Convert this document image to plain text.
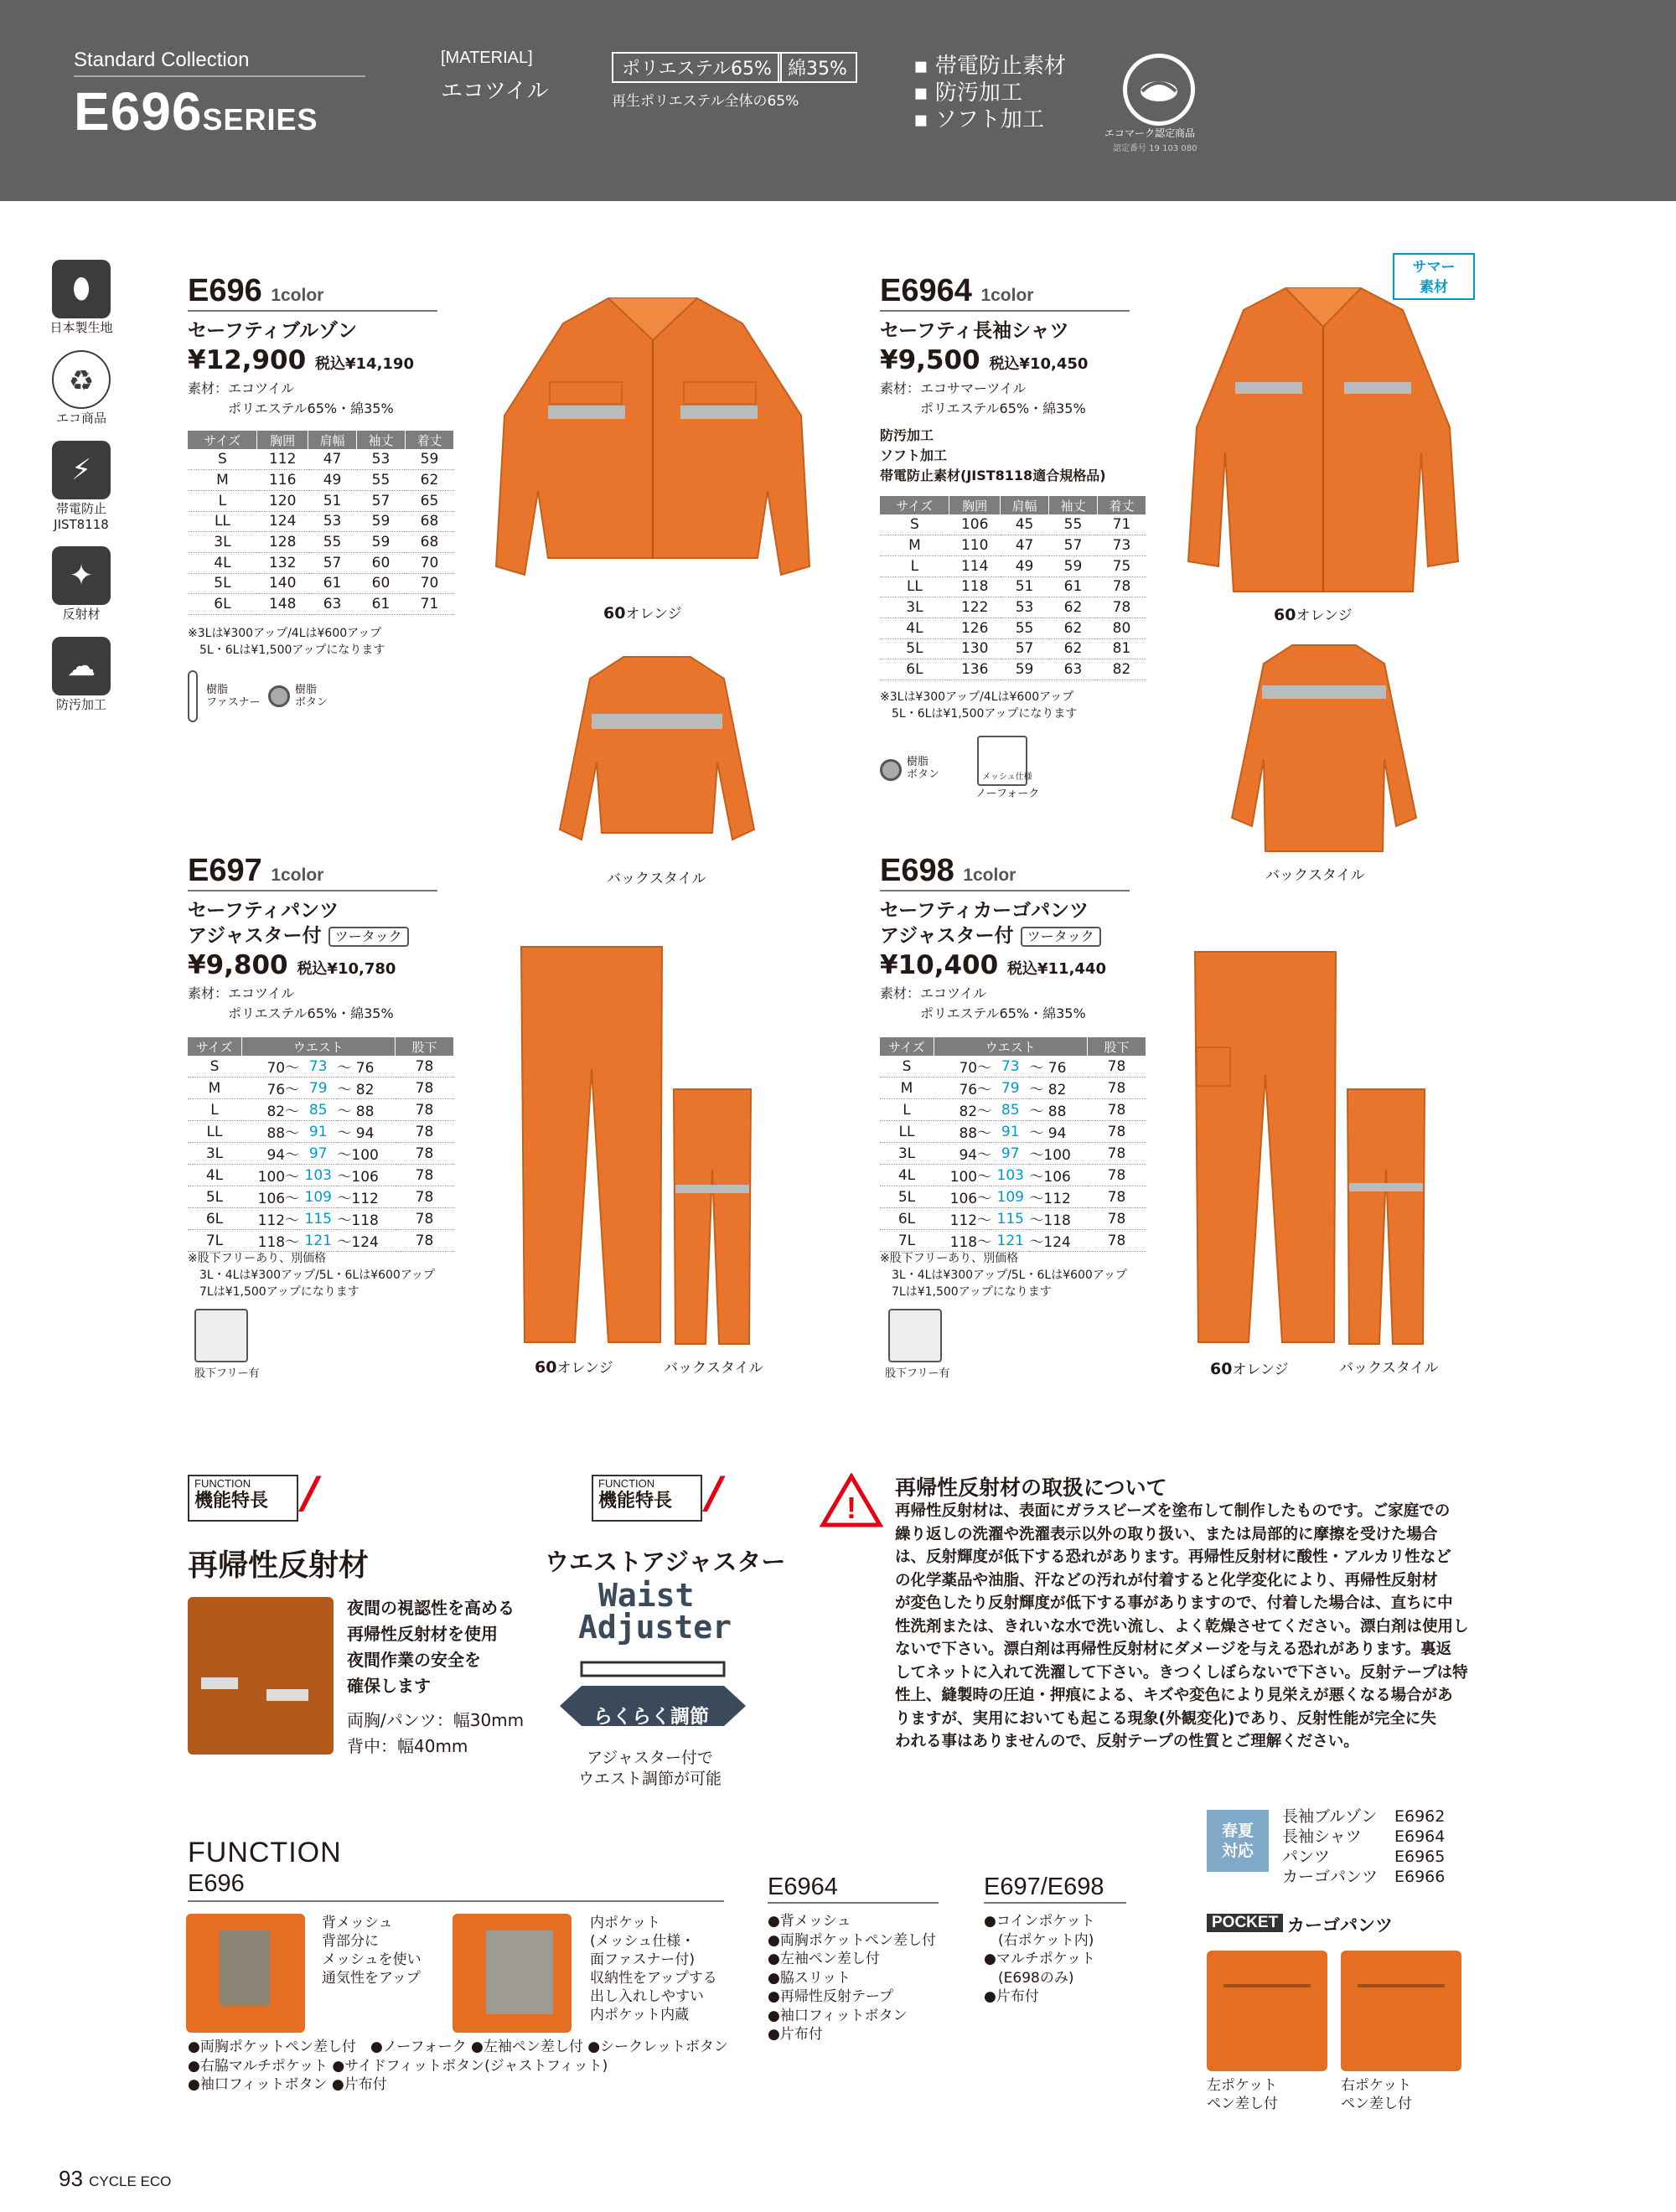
Standard Collection
E696SERIES
[MATERIAL]
エコツイル
ポリエステル65% 綿35%
再生ポリエステル全体の65%
▪ 帯電防止素材
▪ 防汚加工
▪ ソフト加工
エコマーク認定商品
認定番号 19 103 080
⬮
日本製生地
♻
エコ商品
⚡
帯電防止
JIST8118
✦
反射材
☁
防汚加工
E696 1color
セーフティブルゾン
¥12,900 税込¥14,190
素材：エコツイル
　　　ポリエステル65%・綿35%
サイズ	胸囲	肩幅	袖丈	着丈
S	112	47	53	59
M	116	49	55	62
L	120	51	57	65
LL	124	53	59	68
3L	128	55	59	68
4L	132	57	60	70
5L	140	61	60	70
6L	148	63	61	71
※3Lは¥300アップ/4Lは¥600アップ
　5L・6Lは¥1,500アップになります
樹脂
ファスナー
樹脂
ボタン
60オレンジ
バックスタイル
サマー
素材
E6964 1color
セーフティ長袖シャツ
¥9,500 税込¥10,450
素材：エコサマーツイル
　　　ポリエステル65%・綿35%
防汚加工
ソフト加工
帯電防止素材(JIST8118適合規格品)
サイズ	胸囲	肩幅	袖丈	着丈
S	106	45	55	71
M	110	47	57	73
L	114	49	59	75
LL	118	51	61	78
3L	122	53	62	78
4L	126	55	62	80
5L	130	57	62	81
6L	136	59	63	82
※3Lは¥300アップ/4Lは¥600アップ
　5L・6Lは¥1,500アップになります
樹脂
ボタン	メッシュ仕様
ノーフォーク
60オレンジ
バックスタイル
E697 1color
セーフティパンツ
アジャスター付 ツータック
¥9,800 税込¥10,780
素材：エコツイル
　　　ポリエステル65%・綿35%
サイズ	ウエスト			股下
S	70～	73	～ 76	78
M	76～	79	～ 82	78
L	82～	85	～ 88	78
LL	88～	91	～ 94	78
3L	94～	97	～100	78
4L	100～	103	～106	78
5L	106～	109	～112	78
6L	112～	115	～118	78
7L	118～	121	～124	78
※股下フリーあり、別価格
　3L・4Lは¥300アップ/5L・6Lは¥600アップ
　7Lは¥1,500アップになります
股下フリー有	60オレンジ	バックスタイル
E698 1color
セーフティカーゴパンツ
アジャスター付 ツータック
¥10,400 税込¥11,440
素材：エコツイル
　　　ポリエステル65%・綿35%
サイズ	ウエスト			股下
S	70～	73	～ 76	78
M	76～	79	～ 82	78
L	82～	85	～ 88	78
LL	88～	91	～ 94	78
3L	94～	97	～100	78
4L	100～	103	～106	78
5L	106～	109	～112	78
6L	112～	115	～118	78
7L	118～	121	～124	78
※股下フリーあり、別価格
　3L・4Lは¥300アップ/5L・6Lは¥600アップ
　7Lは¥1,500アップになります
股下フリー有	60オレンジ	バックスタイル
FUNCTION
機能特長 /
再帰性反射材
夜間の視認性を高める
再帰性反射材を使用
夜間作業の安全を
確保します
両胸/パンツ：幅30mm
背中：幅40mm
FUNCTION
機能特長 /
ウエストアジャスター
Waist
Adjuster
らくらく調節
アジャスター付で
ウエスト調節が可能
!
再帰性反射材の取扱について
再帰性反射材は、表面にガラスビーズを塗布して制作したものです。ご家庭での
繰り返しの洗濯や洗濯表示以外の取り扱い、または局部的に摩擦を受けた場合
は、反射輝度が低下する恐れがあります。再帰性反射材に酸性・アルカリ性など
の化学薬品や油脂、汗などの汚れが付着すると化学変化により、再帰性反射材
が変色したり反射輝度が低下する事がありますので、付着した場合は、直ちに中
性洗剤または、きれいな水で洗い流し、よく乾燥させてください。漂白剤は使用し
ないで下さい。漂白剤は再帰性反射材にダメージを与える恐れがあります。裏返
してネットに入れて洗濯して下さい。きつくしぼらないで下さい。反射テープは特
性上、縫製時の圧迫・押痕による、キズや変色により見栄えが悪くなる場合があ
りますが、実用においても起こる現象(外観変化)であり、反射性能が完全に失
われる事はありませんので、反射テープの性質とご理解ください。
春夏
対応
長袖ブルゾン E6962
長袖シャツ E6964
パンツ	E6965
カーゴパンツ E6966
FUNCTION
E696
背メッシュ
背部分に
メッシュを使い
通気性をアップ
内ポケット
(メッシュ仕様・
面ファスナー付)
収納性をアップする
出し入れしやすい
内ポケット内蔵
●両胸ポケットペン差し付　●ノーフォーク ●左袖ペン差し付 ●シークレットボタン
●右脇マルチポケット ●サイドフィットボタン(ジャストフィット)
●袖口フィットボタン ●片布付
E6964
●背メッシュ
●両胸ポケットペン差し付
●左袖ペン差し付
●脇スリット
●再帰性反射テープ
●袖口フィットボタン
●片布付
E697/E698
●コインポケット
　(右ポケット内)
●マルチポケット
　(E698のみ)
●片布付
POCKET カーゴパンツ
左ポケット
ペン差し付
右ポケット
ペン差し付
93 CYCLE ECO
